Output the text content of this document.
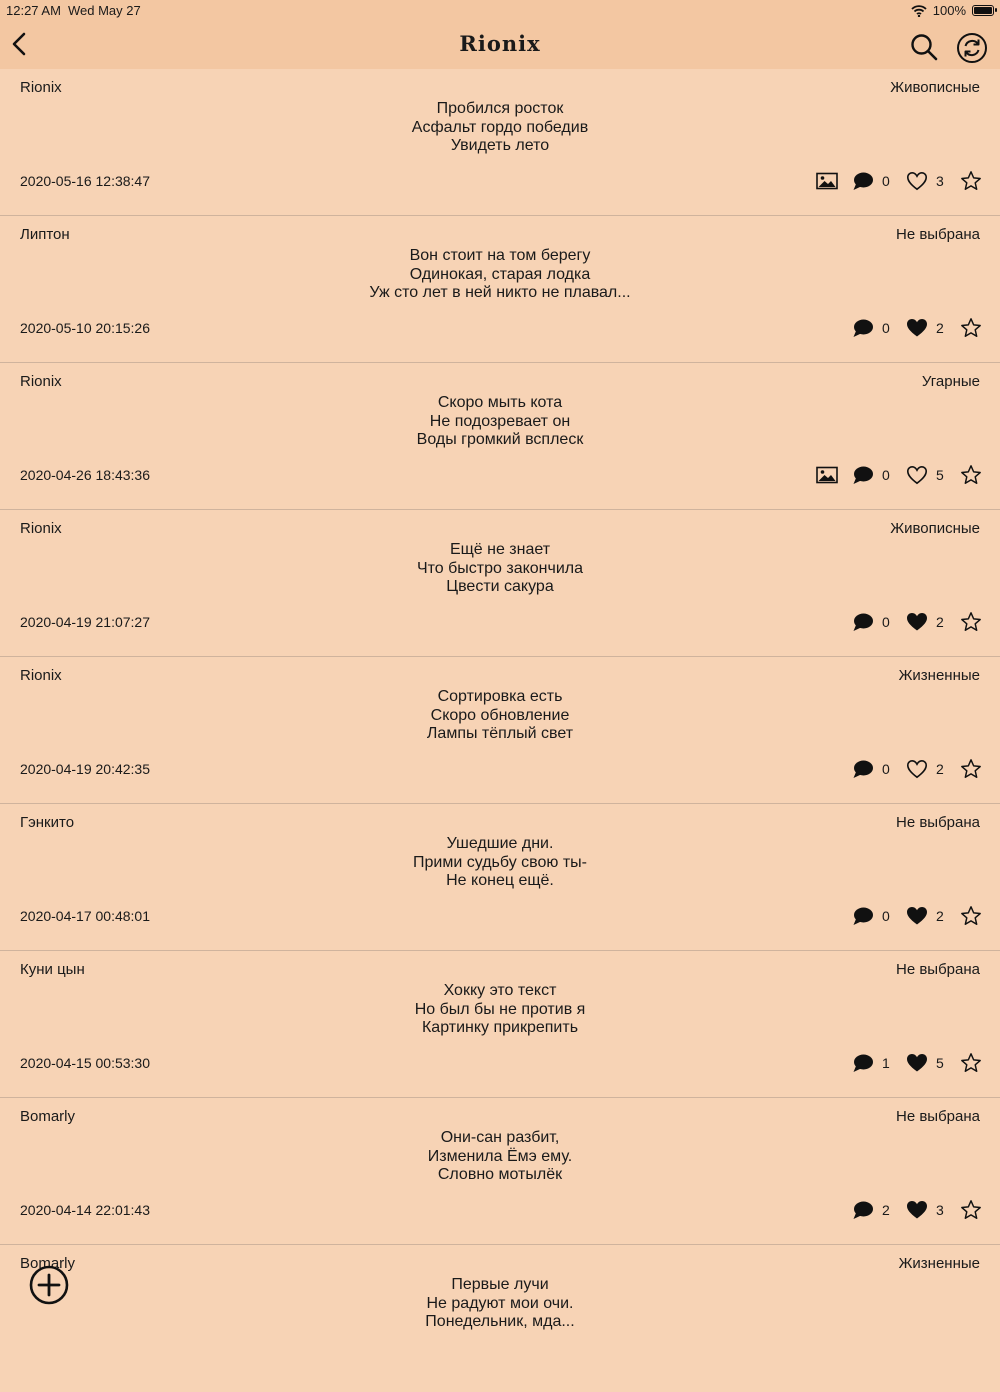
12:27 AM Wed May 27	100%
Rionix
Rionix	Живописные
Пробился росток
Асфальт гордо победив
Увидеть лето
2020-05-16 12:38:47	0	3
Липтон	Не выбрана
Вон стоит на том берегу
Одинокая, старая лодка
Уж сто лет в ней никто не плавал...
2020-05-10 20:15:26	0	2
Rionix	Угарные
Скоро мыть кота
Не подозревает он
Воды громкий всплеск
2020-04-26 18:43:36	0	5
Rionix	Живописные
Ещё не знает
Что быстро закончила
Цвести сакура
2020-04-19 21:07:27	0	2
Rionix	Жизненные
Сортировка есть
Скоро обновление
Лампы тёплый свет
2020-04-19 20:42:35	0	2
Гэнкито	Не выбрана
Ушедшие дни.
Прими судьбу свою ты-
Не конец ещё.
2020-04-17 00:48:01	0	2
Куни цын	Не выбрана
Хокку это текст
Но был бы не против я
Картинку прикрепить
2020-04-15 00:53:30	1	5
Bomarly	Не выбрана
Они-сан разбит,
Изменила Ёмэ ему.
Словно мотылёк
2020-04-14 22:01:43	2	3
Bomarly	Жизненные
Первые лучи
Не радуют мои очи.
Понедельник, мда...
